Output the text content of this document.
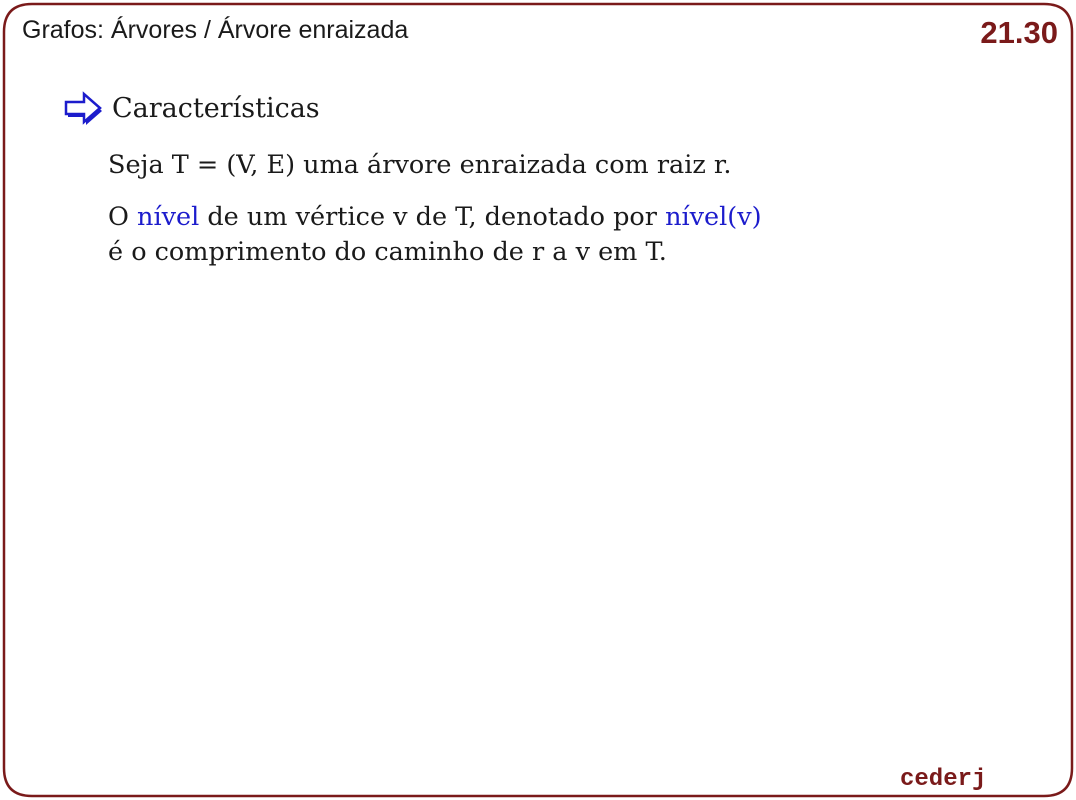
Grafos: Árvores / Árvore enraizada	21.30
Características
Seja T = (V, E) uma árvore enraizada com raiz r.
O nível de um vértice v de T, denotado por nível(v)
é o comprimento do caminho de r a v em T.
cederj
